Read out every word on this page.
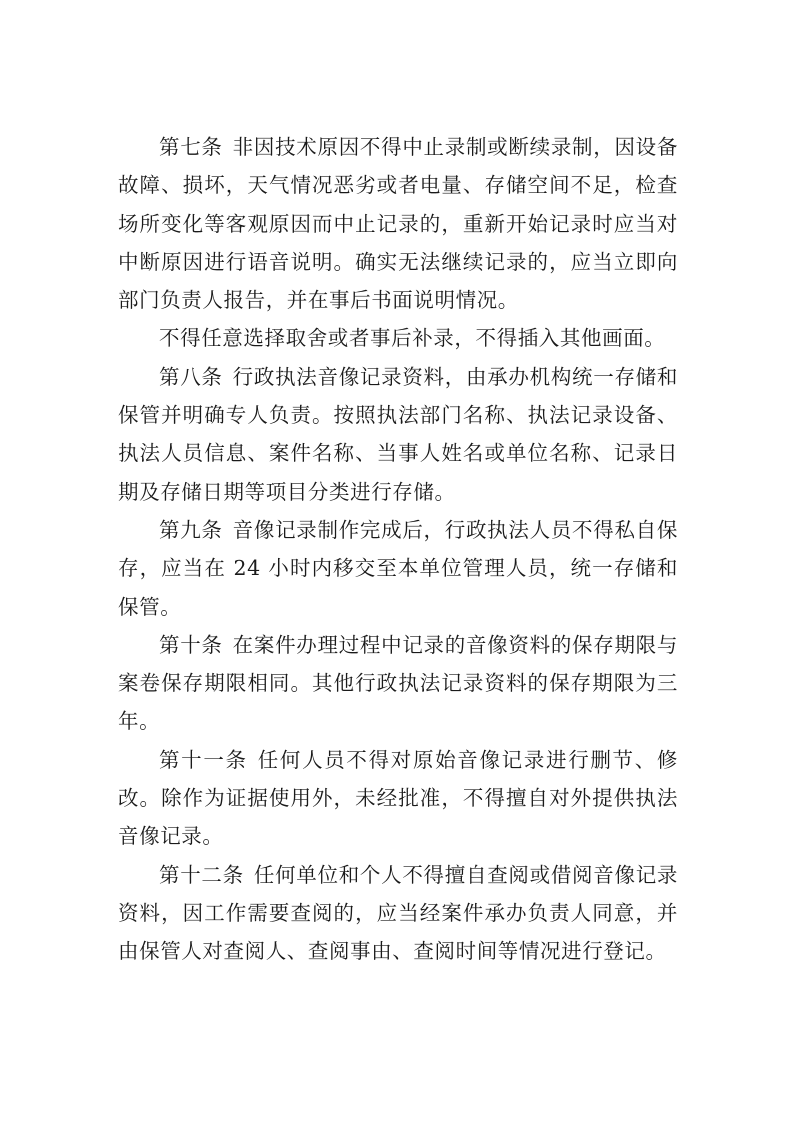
第七条 非因技术原因不得中止录制或断续录制，因设备故障、损坏，天气情况恶劣或者电量、存储空间不足，检查场所变化等客观原因而中止记录的，重新开始记录时应当对中断原因进行语音说明。确实无法继续记录的，应当立即向部门负责人报告，并在事后书面说明情况。

不得任意选择取舍或者事后补录，不得插入其他画面。

第八条 行政执法音像记录资料，由承办机构统一存储和保管并明确专人负责。按照执法部门名称、执法记录设备、执法人员信息、案件名称、当事人姓名或单位名称、记录日期及存储日期等项目分类进行存储。

第九条 音像记录制作完成后，行政执法人员不得私自保存，应当在 24 小时内移交至本单位管理人员，统一存储和保管。

第十条 在案件办理过程中记录的音像资料的保存期限与案卷保存期限相同。其他行政执法记录资料的保存期限为三年。

第十一条 任何人员不得对原始音像记录进行删节、修改。除作为证据使用外，未经批准，不得擅自对外提供执法音像记录。

第十二条 任何单位和个人不得擅自查阅或借阅音像记录资料，因工作需要查阅的，应当经案件承办负责人同意，并由保管人对查阅人、查阅事由、查阅时间等情况进行登记。
